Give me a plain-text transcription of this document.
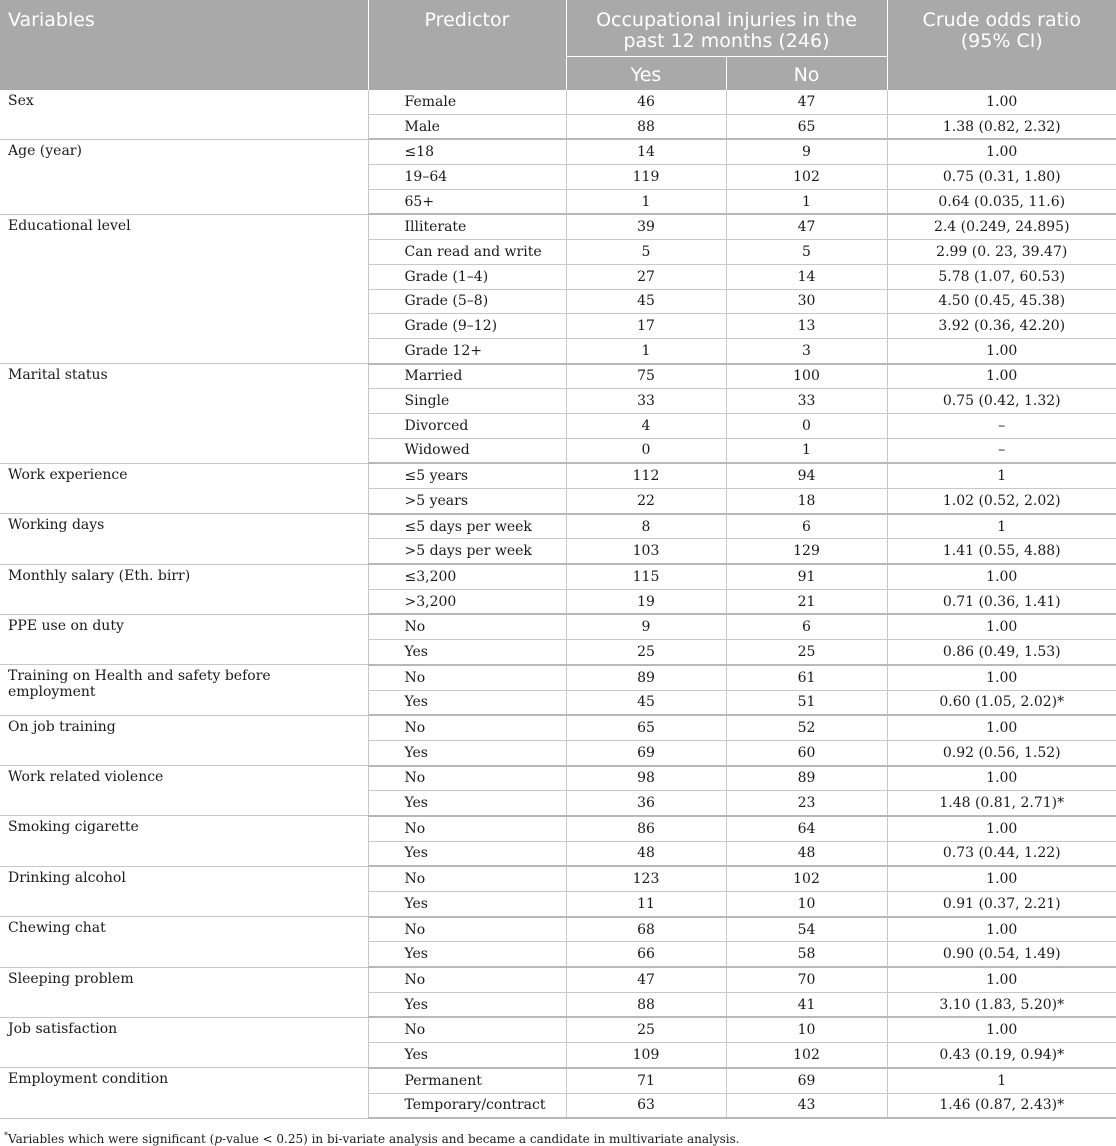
Variables	Predictor	Occupational injuries in the past 12 months (246)		Crude odds ratio (95% CI)
		Yes	No	
Sex	Female	46	47	1.00
	Male	88	65	1.38 (0.82, 2.32)
Age (year)	≤18	14	9	1.00
	19–64	119	102	0.75 (0.31, 1.80)
	65+	1	1	0.64 (0.035, 11.6)
Educational level	Illiterate	39	47	2.4 (0.249, 24.895)
	Can read and write	5	5	2.99 (0. 23, 39.47)
	Grade (1–4)	27	14	5.78 (1.07, 60.53)
	Grade (5–8)	45	30	4.50 (0.45, 45.38)
	Grade (9–12)	17	13	3.92 (0.36, 42.20)
	Grade 12+	1	3	1.00
Marital status	Married	75	100	1.00
	Single	33	33	0.75 (0.42, 1.32)
	Divorced	4	0	–
	Widowed	0	1	–
Work experience	≤5 years	112	94	1
	>5 years	22	18	1.02 (0.52, 2.02)
Working days	≤5 days per week	8	6	1
	>5 days per week	103	129	1.41 (0.55, 4.88)
Monthly salary (Eth. birr)	≤3,200	115	91	1.00
	>3,200	19	21	0.71 (0.36, 1.41)
PPE use on duty	No	9	6	1.00
	Yes	25	25	0.86 (0.49, 1.53)
Training on Health and safety before employment	No	89	61	1.00
	Yes	45	51	0.60 (1.05, 2.02)*
On job training	No	65	52	1.00
	Yes	69	60	0.92 (0.56, 1.52)
Work related violence	No	98	89	1.00
	Yes	36	23	1.48 (0.81, 2.71)*
Smoking cigarette	No	86	64	1.00
	Yes	48	48	0.73 (0.44, 1.22)
Drinking alcohol	No	123	102	1.00
	Yes	11	10	0.91 (0.37, 2.21)
Chewing chat	No	68	54	1.00
	Yes	66	58	0.90 (0.54, 1.49)
Sleeping problem	No	47	70	1.00
	Yes	88	41	3.10 (1.83, 5.20)*
Job satisfaction	No	25	10	1.00
	Yes	109	102	0.43 (0.19, 0.94)*
Employment condition	Permanent	71	69	1
	Temporary/contract	63	43	1.46 (0.87, 2.43)*
*Variables which were significant (p-value < 0.25) in bi-variate analysis and became a candidate in multivariate analysis.
